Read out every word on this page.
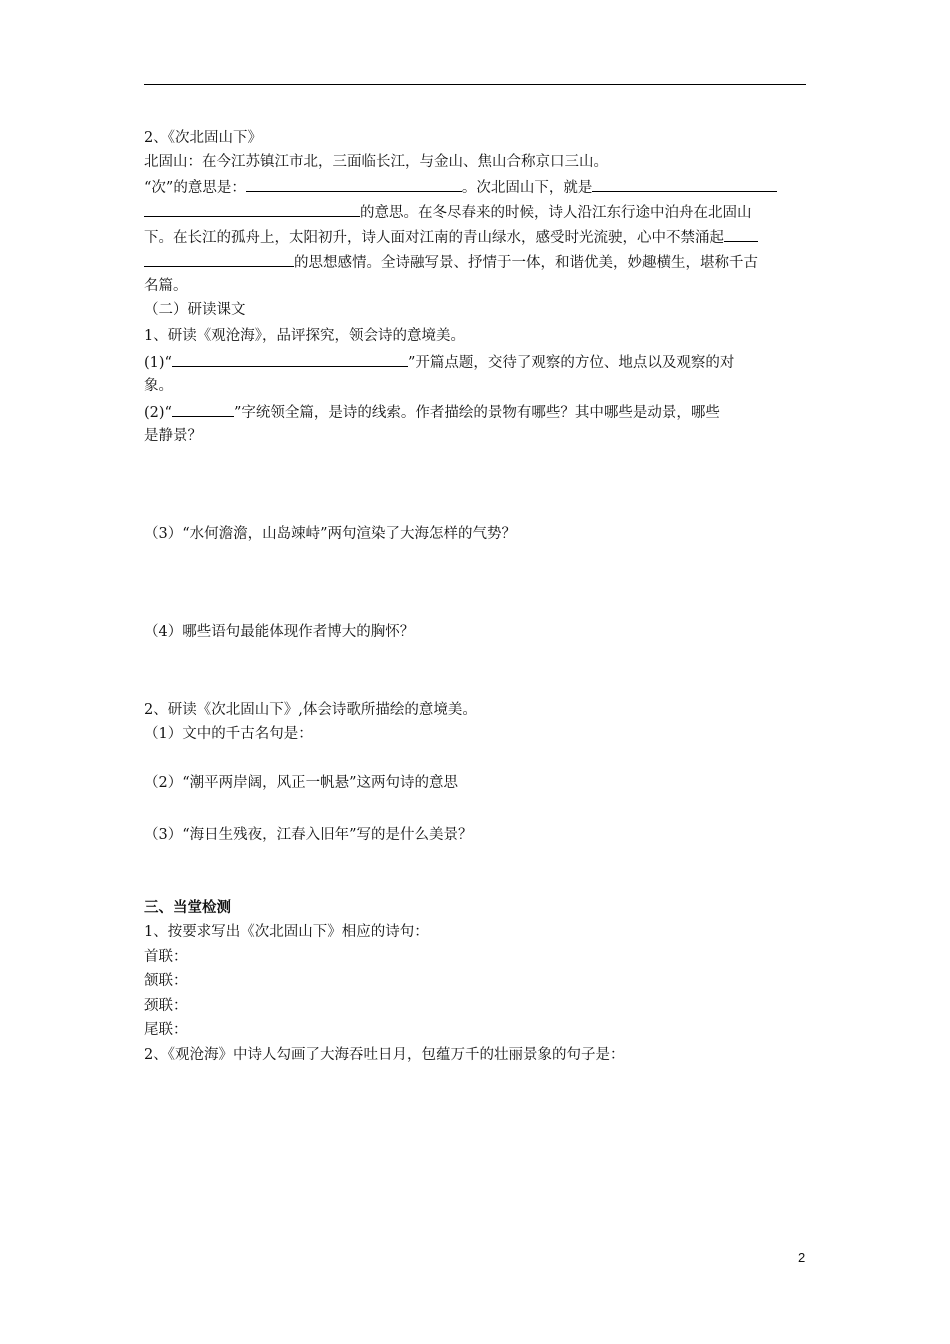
2、《次北固山下》
北固山：在今江苏镇江市北，三面临长江，与金山、焦山合称京口三山。
“次”的意思是：	。次北固山下，就是
的意思。在冬尽春来的时候，诗人沿江东行途中泊舟在北固山
下。在长江的孤舟上，太阳初升，诗人面对江南的青山绿水，感受时光流驶，心中不禁涌起
的思想感情。全诗融写景、抒情于一体，和谐优美，妙趣横生，堪称千古
名篇。
（二）研读课文
1、研读《观沧海》，品评探究，领会诗的意境美。
(1)“	”开篇点题，交待了观察的方位、地点以及观察的对
象。
(2)“	”字统领全篇，是诗的线索。作者描绘的景物有哪些？其中哪些是动景，哪些
是静景？
（3）“水何澹澹，山岛竦峙”两句渲染了大海怎样的气势？
（4）哪些语句最能体现作者博大的胸怀？
2、研读《次北固山下》,体会诗歌所描绘的意境美。
（1）文中的千古名句是：
（2）“潮平两岸阔，风正一帆悬”这两句诗的意思
（3）“海日生残夜，江春入旧年”写的是什么美景？
三、当堂检测
1、按要求写出《次北固山下》相应的诗句：
首联：
颔联：
颈联：
尾联：
2、《观沧海》中诗人勾画了大海吞吐日月，包蕴万千的壮丽景象的句子是：
2
